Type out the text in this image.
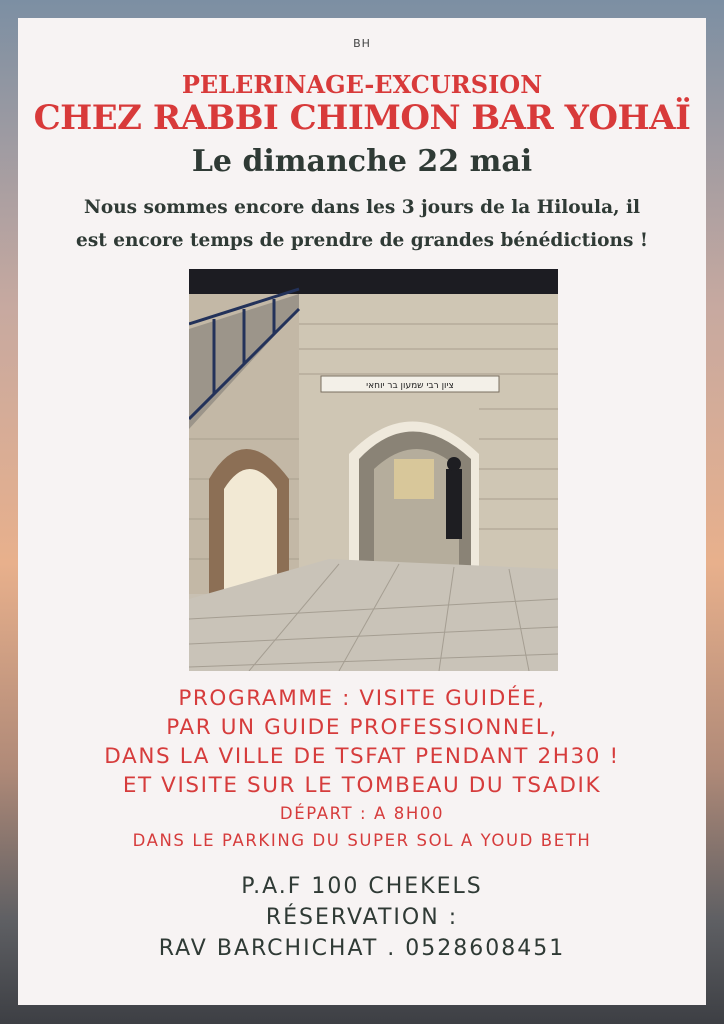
BH
PELERINAGE-EXCURSION
CHEZ RABBI CHIMON BAR YOHAÏ
Le dimanche 22 mai
Nous sommes encore dans les 3 jours de la Hiloula, il
est encore temps de prendre de grandes bénédictions !
ציון רבי שמעון בר יוחאי
PROGRAMME : VISITE GUIDÉE,
PAR UN GUIDE PROFESSIONNEL,
DANS LA VILLE DE TSFAT PENDANT 2H30 !
ET VISITE SUR LE TOMBEAU DU TSADIK
DÉPART : A 8H00
DANS LE PARKING DU SUPER SOL A YOUD BETH
P.A.F 100 CHEKELS
RÉSERVATION :
RAV BARCHICHAT . 0528608451
